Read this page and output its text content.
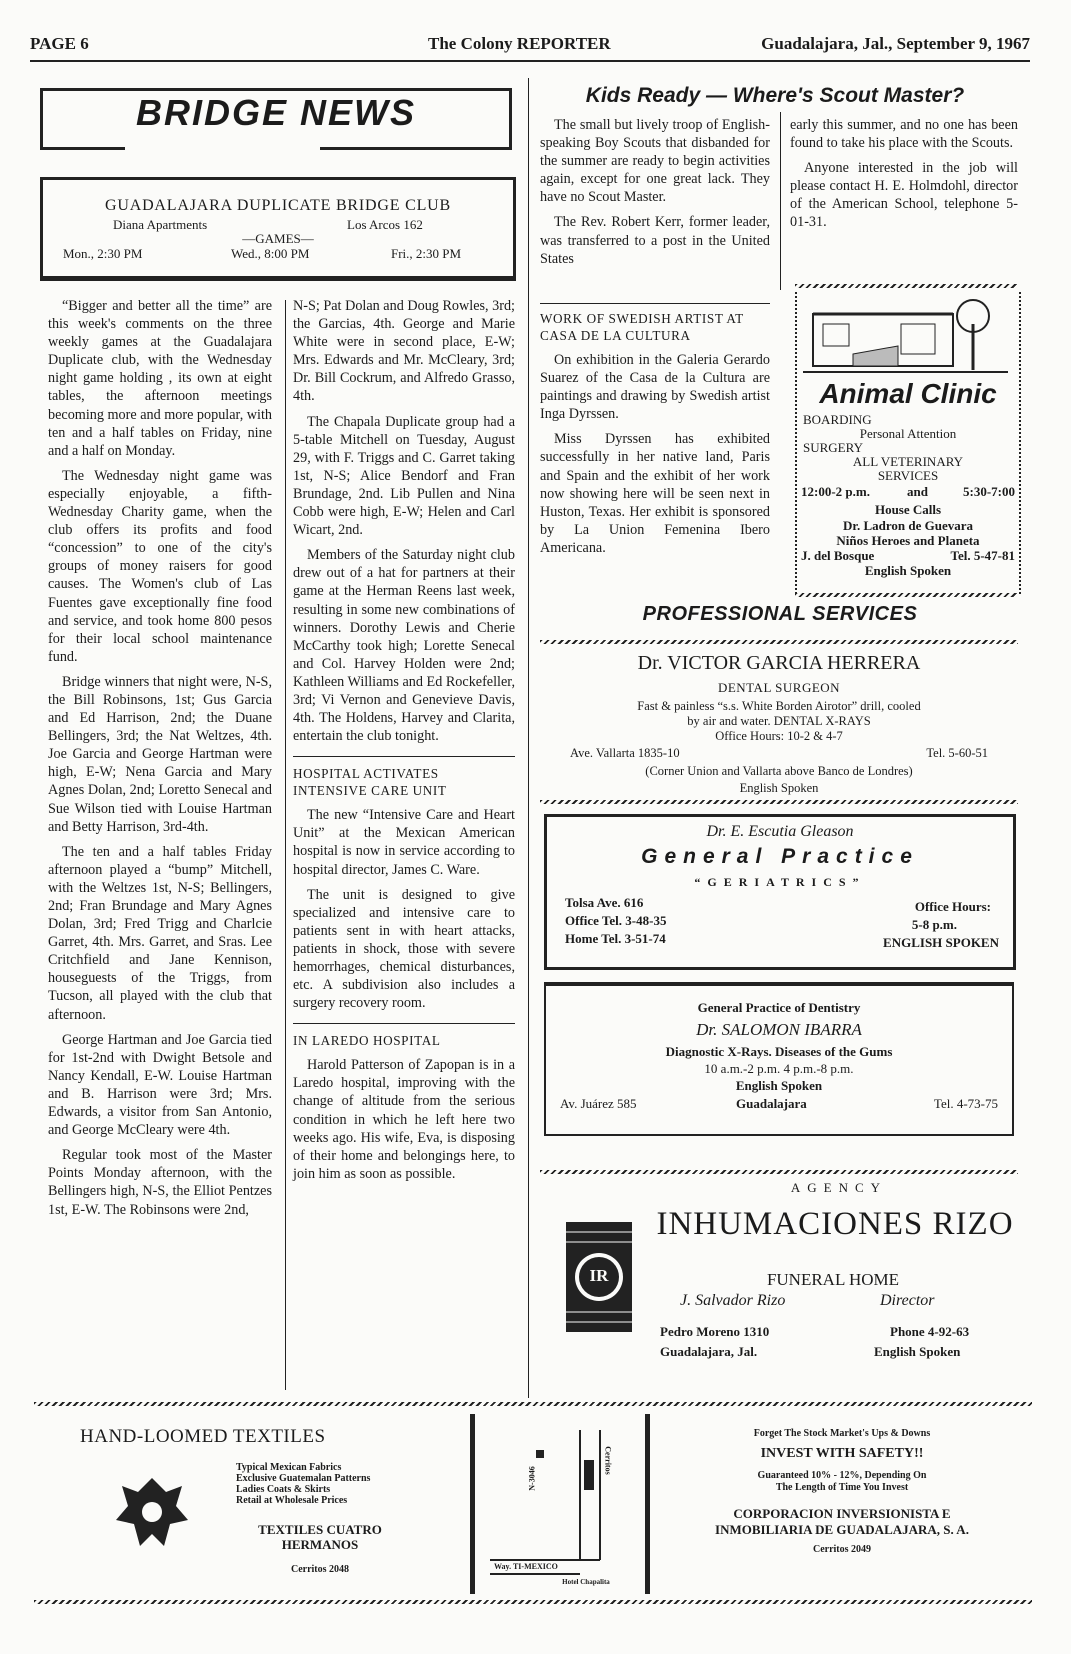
PAGE 6	The Colony REPORTER	Guadalajara, Jal., September 9, 1967
BRIDGE NEWS
GUADALAJARA DUPLICATE BRIDGE CLUB
Diana Apartments	Los Arcos 162
—GAMES—
Mon., 2:30 PM	Wed., 8:00 PM	Fri., 2:30 PM

“Bigger and better all the time” are this week's comments on the three weekly games at the Guadalajara Duplicate club, with the Wednesday night game holding , its own at eight tables, the afternoon meetings becoming more and more popular, with ten and a half tables on Friday, nine and a half on Monday.

The Wednesday night game was especially enjoyable, a fifth-Wednesday Charity game, when the club offers its profits and food “concession” to one of the city's groups of money raisers for good causes. The Women's club of Las Fuentes gave exceptionally fine food and service, and took home 800 pesos for their local school maintenance fund.

Bridge winners that night were, N-S, the Bill Robinsons, 1st; Gus Garcia and Ed Harrison, 2nd; the Duane Bellingers, 3rd; the Nat Weltzes, 4th. Joe Garcia and George Hartman were high, E-W; Nena Garcia and Mary Agnes Dolan, 2nd; Loretto Senecal and Sue Wilson tied with Louise Hartman and Betty Harrison, 3rd-4th.

The ten and a half tables Friday afternoon played a “bump” Mitchell, with the Weltzes 1st, N-S; Bellingers, 2nd; Fran Brundage and Mary Agnes Dolan, 3rd; Fred Trigg and Charlcie Garret, 4th. Mrs. Garret, and Sras. Lee Critchfield and Jane Kennison, houseguests of the Triggs, from Tucson, all played with the club that afternoon.

George Hartman and Joe Garcia tied for 1st-2nd with Dwight Betsole and Nancy Kendall, E-W. Louise Hartman and B. Harrison were 3rd; Mrs. Edwards, a visitor from San Antonio, and George McCleary were 4th.

Regular took most of the Master Points Monday afternoon, with the Bellingers high, N-S, the Elliot Pentzes 1st, E-W. The Robinsons were 2nd,

N-S; Pat Dolan and Doug Rowles, 3rd; the Garcias, 4th. George and Marie White were in second place, E-W; Mrs. Edwards and Mr. McCleary, 3rd; Dr. Bill Cockrum, and Alfredo Grasso, 4th.

The Chapala Duplicate group had a 5-table Mitchell on Tuesday, August 29, with F. Triggs and C. Garret taking 1st, N-S; Alice Bendorf and Fran Brundage, 2nd. Lib Pullen and Nina Cobb were high, E-W; Helen and Carl Wicart, 2nd.

Members of the Saturday night club drew out of a hat for partners at their game at the Herman Reens last week, resulting in some new combinations of winners. Dorothy Lewis and Cherie McCarthy took high; Lorette Senecal and Col. Harvey Holden were 2nd; Kathleen Williams and Ed Rockefeller, 3rd; Vi Vernon and Genevieve Davis, 4th. The Holdens, Harvey and Clarita, entertain the club tonight.

HOSPITAL ACTIVATES INTENSIVE CARE UNIT

The new “Intensive Care and Heart Unit” at the Mexican American hospital is now in service according to hospital director, James C. Ware.

The unit is designed to give specialized and intensive care to patients sent in with heart attacks, patients in shock, those with severe hemorrhages, chemical disturbances, etc. A subdivision also includes a surgery recovery room.

IN LAREDO HOSPITAL

Harold Patterson of Zapopan is in a Laredo hospital, improving with the change of altitude from the serious condition in which he left here two weeks ago. His wife, Eva, is disposing of their home and belongings here, to join him as soon as possible.

Kids Ready — Where's Scout Master?

The small but lively troop of English-speaking Boy Scouts that disbanded for the summer are ready to begin activities again, except for one great lack. They have no Scout Master.

The Rev. Robert Kerr, former leader, was transferred to a post in the United States

early this summer, and no one has been found to take his place with the Scouts.

Anyone interested in the job will please contact H. E. Holmdohl, director of the American School, telephone 5-01-31.

WORK OF SWEDISH ARTIST AT CASA DE LA CULTURA

On exhibition in the Galeria Gerardo Suarez of the Casa de la Cultura are paintings and drawing by Swedish artist Inga Dyrssen.

Miss Dyrssen has exhibited successfully in her native land, Paris and Spain and the exhibit of her work now showing here will be seen next in Huston, Texas. Her exhibit is sponsored by La Union Femenina Ibero Americana.

Animal Clinic
BOARDING
Personal Attention
SURGERY
ALL VETERINARY
SERVICES
12:00-2 p.m.	and	5:30-7:00
House Calls
Dr. Ladron de Guevara
Niños Heroes and Planeta
J. del Bosque	Tel. 5-47-81
English Spoken
PROFESSIONAL SERVICES
Dr. VICTOR GARCIA HERRERA
DENTAL SURGEON
Fast & painless “s.s. White Borden Airotor” drill, cooled
by air and water. DENTAL X-RAYS
Office Hours: 10-2 & 4-7
Ave. Vallarta 1835-10	Tel. 5-60-51
(Corner Union and Vallarta above Banco de Londres)
English Spoken
Dr. E. Escutia Gleason
General Practice
“GERIATRICS”
Tolsa Ave. 616
Office Tel. 3-48-35
Home Tel. 3-51-74
Office Hours:
5-8 p.m.
ENGLISH SPOKEN
General Practice of Dentistry
Dr. SALOMON IBARRA
Diagnostic X-Rays. Diseases of the Gums
10 a.m.-2 p.m. 4 p.m.-8 p.m.
English Spoken
Av. Juárez 585	Guadalajara	Tel. 4-73-75
AGENCY
IR
INHUMACIONES RIZO
FUNERAL HOME
J. Salvador Rizo	Director
Pedro Moreno 1310	Phone 4-92-63
Guadalajara, Jal.	English Spoken
HAND-LOOMED TEXTILES
Typical Mexican Fabrics
Exclusive Guatemalan Patterns
Ladies Coats & Skirts
Retail at Wholesale Prices
TEXTILES CUATRO
HERMANOS
Cerritos 2048
N-3046
Cerritos
Way. TI-MEXICO
Hotel Chapalita
Forget The Stock Market's Ups & Downs
INVEST WITH SAFETY!!
Guaranteed 10% - 12%, Depending On
The Length of Time You Invest
CORPORACION INVERSIONISTA E
INMOBILIARIA DE GUADALAJARA, S. A.
Cerritos 2049
